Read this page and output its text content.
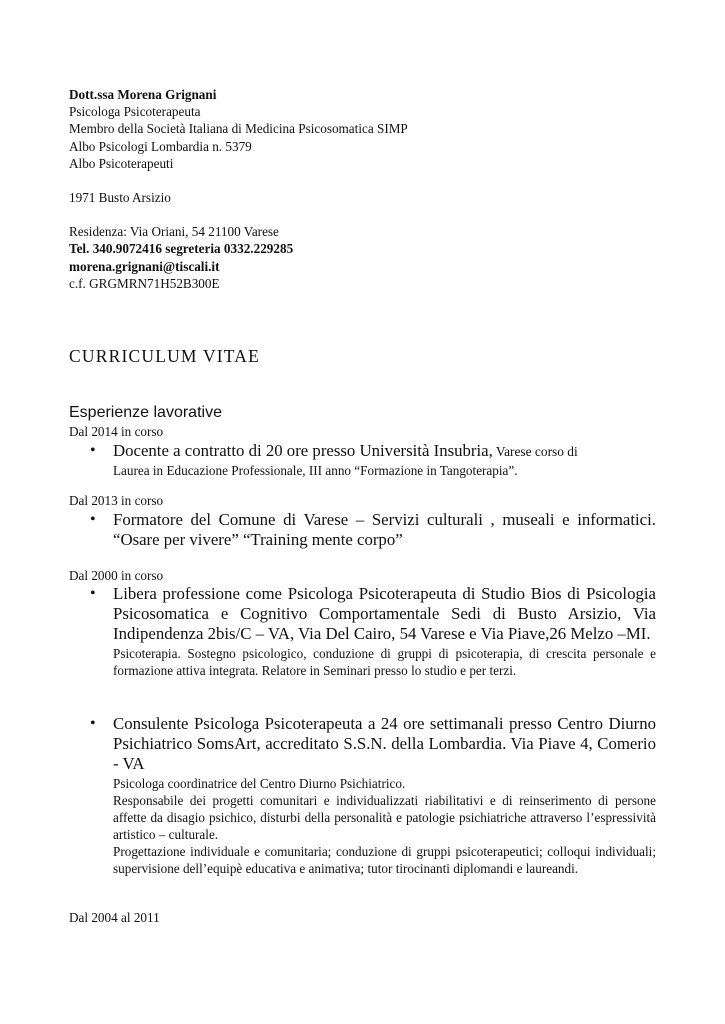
Dott.ssa Morena Grignani
Psicologa Psicoterapeuta
Membro della Società Italiana di Medicina Psicosomatica SIMP
Albo Psicologi Lombardia n. 5379
Albo Psicoterapeuti
1971 Busto Arsizio
Residenza: Via Oriani, 54 21100 Varese
Tel. 340.9072416 segreteria 0332.229285
morena.grignani@tiscali.it
c.f. GRGMRN71H52B300E
CURRICULUM VITAE
Esperienze lavorative
Dal 2014 in corso
• Docente a contratto di 20 ore presso Università Insubria, Varese corso di
Laurea in Educazione Professionale, III anno “Formazione in Tangoterapia”.
Dal 2013 in corso
• Formatore del Comune di Varese – Servizi culturali , museali e informatici. “Osare per vivere” “Training mente corpo”
Dal 2000 in corso
• Libera professione come Psicologa Psicoterapeuta di Studio Bios di Psicologia Psicosomatica e Cognitivo Comportamentale Sedi di Busto Arsizio, Via Indipendenza 2bis/C – VA, Via Del Cairo, 54 Varese e Via Piave,26 Melzo –MI.
Psicoterapia. Sostegno psicologico, conduzione di gruppi di psicoterapia, di crescita personale e formazione attiva integrata. Relatore in Seminari presso lo studio e per terzi.
• Consulente Psicologa Psicoterapeuta a 24 ore settimanali presso Centro Diurno Psichiatrico SomsArt, accreditato S.S.N. della Lombardia. Via Piave 4, Comerio - VA
Psicologa coordinatrice del Centro Diurno Psichiatrico.
Responsabile dei progetti comunitari e individualizzati riabilitativi e di reinserimento di persone affette da disagio psichico, disturbi della personalità e patologie psichiatriche attraverso l’espressività artistico – culturale.
Progettazione individuale e comunitaria; conduzione di gruppi psicoterapeutici; colloqui individuali; supervisione dell’equipè educativa e animativa; tutor tirocinanti diplomandi e laureandi.
Dal 2004 al 2011
